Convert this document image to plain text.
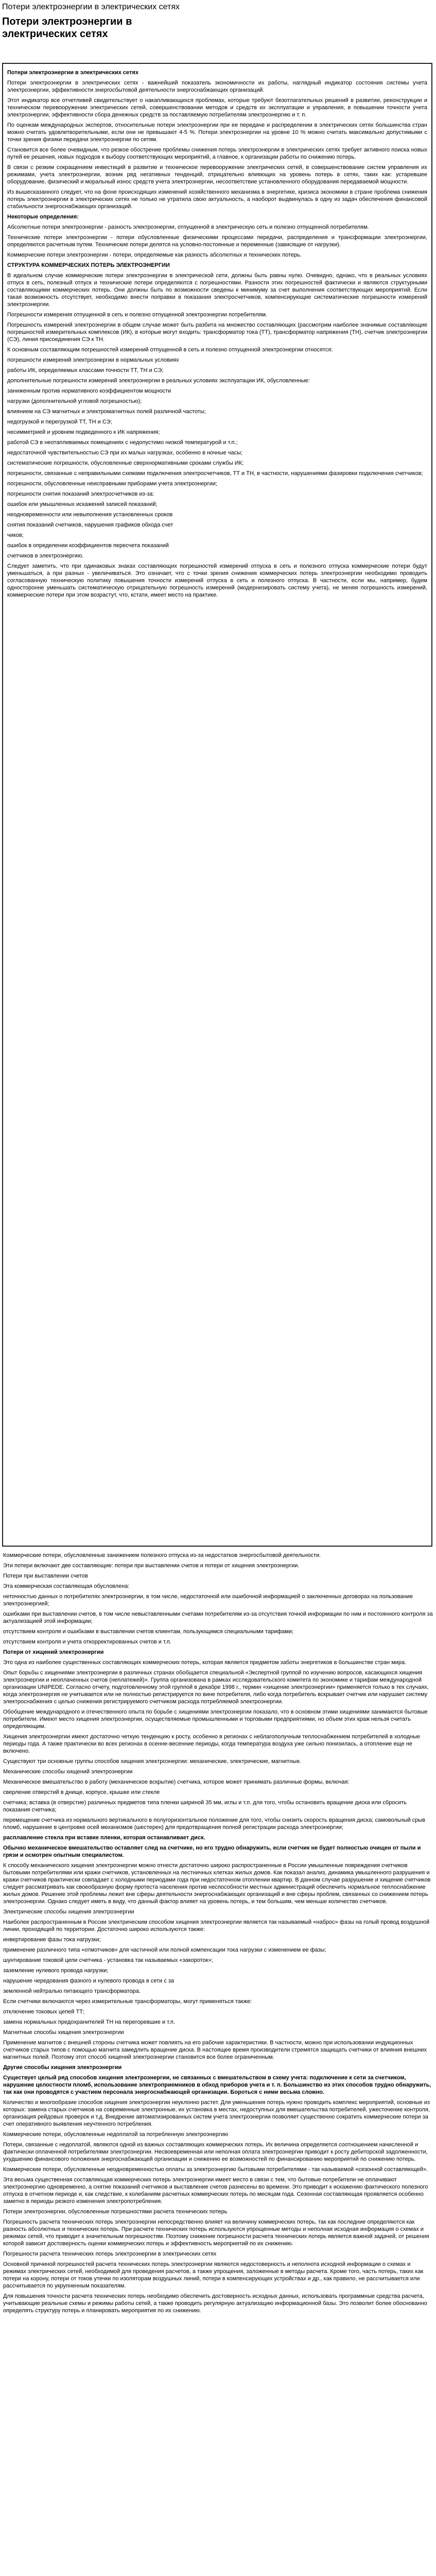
Потери электроэнергии в электрических сетях
Потери электроэнергии в электрических сетях

Потери электроэнергии в электрических сетях

Потери электроэнергии в электрических сетях - важнейший показатель экономичности их работы, наглядный индикатор состояния системы учета электроэнергии, эффективности энергосбытовой деятельности энергоснабжающих организаций.

Этот индикатор все отчетливей свидетельствует о накапливающихся проблемах, которые требуют безотлагательных решений в развитии, реконструкции и техническом перевооружении электрических сетей, совершенствовании методов и средств их эксплуатации и управления, в повышении точности учета электроэнергии, эффективности сбора денежных средств за поставляемую потребителям электроэнергию и т. п.

По оценкам международных экспертов, относительные потери электроэнергии при ее передаче и распределении в электрических сетях большинства стран можно считать удовлетворительными, если они не превышают 4-5 %. Потери электроэнергии на уровне 10 % можно считать максимально допустимыми с точки зрения физики передачи электроэнергии по сетям.

Становится все более очевидным, что резкое обострение проблемы снижения потерь электроэнергии в электрических сетях требует активного поиска новых путей ее решения, новых подходов к выбору соответствующих мероприятий, а главное, к организации работы по снижению потерь.

В связи с резким сокращением инвестиций в развитие и техническое перевооружение электрических сетей, в совершенствование систем управления их режимами, учета электроэнергии, возник ряд негативных тенденций, отрицательно влияющих на уровень потерь в сетях, таких как: устаревшее оборудование, физический и моральный износ средств учета электроэнергии, несоответствие установленного оборудования передаваемой мощности.

Из вышесказанного следует, что на фоне происходящих изменений хозяйственного механизма в энергетике, кризиса экономики в стране проблема снижения потерь электроэнергии в электрических сетях не только не утратила свою актуальность, а наоборот выдвинулась в одну из задач обеспечения финансовой стабильности энергоснабжающих организаций.

Некоторые определения:

Абсолютные потери электроэнергии - разность электроэнергии, отпущенной в электрическую сеть и полезно отпущенной потребителям.

Технические потери электроэнергии - потери обусловленные физическими процессами передачи, распределения и трансформации электроэнергии, определяются расчетным путем. Технические потери делятся на условно-постоянные и переменные (зависящие от нагрузки).

Коммерческие потери электроэнергии - потери, определяемые как разность абсолютных и технических потерь.

СТРУКТУРА КОММЕРЧЕСКИХ ПОТЕРЬ ЭЛЕКТРОЭНЕРГИИ

В идеальном случае коммерческие потери электроэнергии в электрической сети, должны быть равны нулю. Очевидно, однако, что в реальных условиях отпуск в сеть, полезный отпуск и технические потери определяются с погрешностями. Разности этих погрешностей фактически и являются структурными составляющими коммерческих потерь. Они должны быть по возможности сведены к минимуму за счет выполнения соответствующих мероприятий. Если такая возможность отсутствует, необходимо внести поправки в показания электросчетчиков, компенсирующие систематические погрешности измерений электроэнергии.

Погрешности измерения отпущенной в сеть и полезно отпущенной электроэнергии потребителям.

Погрешность измерений электроэнергии в общем случае может быть разбита на множество составляющих (рассмотрим наиболее значимые составляющие погрешностей измерительных комплексов (ИК), в которые могут входить: трансформатор тока (ТТ), трансформатор напряжения (ТН), счетчик электроэнергии (СЭ), линия присоединения СЭ к ТН.

К основным составляющим погрешностей измерений отпущенной в сеть и полезно отпущенной электроэнергии относятся:

погрешности измерений электроэнергии в нормальных условиях

работы ИК, определяемых классами точности ТТ, ТН и СЭ;

дополнительные погрешности измерений электроэнергии в реальных условиях эксплуатации ИК, обусловленные:

заниженным против нормативного коэффициентом мощности

нагрузки (дополнительной угловой погрешностью);

влиянием на СЭ магнитных и электромагнитных полей различной частоты;

недогрузкой и перегрузкой ТТ, ТН и СЭ;

несимметрией и уровнем подведенного к ИК напряжения;

работой СЭ в неотапливаемых помещениях с недопустимо низкой температурой и т.п.;

недостаточной чувствительностью СЭ при их малых нагрузках, особенно в ночные часы;

систематические погрешности, обусловленные сверхнормативными сроками службы ИК;

погрешности, связанные с неправильными схемами подключения электросчетчиков, ТТ и ТН, в частности, нарушениями фазировки подключения счетчиков;

погрешности, обусловленные неисправными приборами учета электроэнергии;

погрешности снятия показаний электросчетчиков из-за:

ошибок или умышленных искажений записей показаний;

неодновременности или невыполнения установленных сроков

снятия показаний счетчиков, нарушения графиков обхода счет

чиков;

ошибок в определении коэффициентов пересчета показаний

счетчиков в электроэнергию.

Следует заметить, что при одинаковых знаках составляющих погрешностей измерений отпуска в сеть и полезного отпуска коммерческие потери будут уменьшаться, а при разных - увеличиваться. Это означает, что с точки зрения снижения коммерческих потерь электроэнергии необходимо проводить согласованную техническую политику повышения точности измерений отпуска в сеть и полезного отпуска. В частности, если мы, например, будем односторонне уменьшать систематическую отрицательную погрешность измерений (модернизировать систему учета), не меняя погрешность измерений, коммерческие потери при этом возрастут, что, кстати, имеет место на практике.

Коммерческие потери, обусловленные занижением полезного отпуска из-за недостатков энергосбытовой деятельности.

Эти потери включают две составляющие: потери при выставлении счетов и потери от хищения электроэнергии.

Потери при выставлении счетов

Эта коммерческая составляющая обусловлена:

неточностью данных о потребителях электроэнергии, в том числе, недостаточной или ошибочной информацией о заключенных договорах на пользование электроэнергией;

ошибками при выставлении счетов, в том числе невыставленными счетами потребителям из-за отсутствия точной информации по ним и постоянного контроля за актуализацией этой информации;

отсутствием контроля и ошибками в выставлении счетов клиентам, пользующимся специальными тарифами;

отсутствием контроля и учета откорректированных счетов и т.п.

Потери от хищений электроэнергии

Это одна из наиболее существенных составляющих коммерческих потерь, которая является предметом заботы энергетиков в большинстве стран мира.

Опыт борьбы с хищениями электроэнергии в различных странах обобщается специальной «Экспертной группой по изучению вопросов, касающихся хищения электроэнергии и неоплаченных счетов (неплатежей)». Группа организована в рамках исследовательского комитета по экономике и тарифам международной организации UNIPEDE. Согласно отчету, подготовленному этой группой в декабре 1998 г., термин «хищение электроэнергии» применяется только в тех случаях, когда электроэнергия не учитывается или не полностью регистрируется по вине потребителя, либо когда потребитель вскрывает счетчик или нарушает систему электроснабжения с целью снижения регистрируемого счетчиком расхода потребляемой электроэнергии.

Обобщение международного и отечественного опыта по борьбе с хищениями электроэнергии показало, что в основном этими хищениями занимаются бытовые потребители. Имеют место хищения электроэнергии, осуществляемые промышленными и торговыми предприятиями, но объем этих краж нельзя считать определяющим.

Хищения электроэнергии имеют достаточно четкую тенденцию к росту, особенно в регионах с неблагополучным теплоснабжением потребителей в холодные периоды года. А также практически во всех регионах в осенне-весенние периоды, когда температура воздуха уже сильно понизилась, а отопление еще не включено.

Существуют три основные группы способов хищения электроэнергии: механические, электрические, магнитные.

Механические способы хищений электроэнергии

Механическое вмешательство в работу (механическое вскрытие) счетчика, которое может принимать различные формы, включая:

сверление отверстий в днище, корпусе, крышке или стекле

счетчика; вставка (в отверстие) различных предметов типа пленки шириной 35 мм, иглы и т.п. для того, чтобы остановить вращение диска или сбросить показания счетчика;

перемещение счетчика из нормального вертикального в полугоризонтальное положение для того, чтобы снизить скорость вращения диска; самовольный срыв пломб, нарушение в центровке осей механизмов (шестерен) для предотвращения полной регистрации расхода электроэнергии;

расплавление стекла при вставке пленки, которая останавливает диск.

Обычно механическое вмешательство оставляет след на счетчике, но его трудно обнаружить, если счетчик не будет полностью очищен от пыли и грязи и осмотрен опытным специалистом.

К способу механического хищения электроэнергии можно отнести достаточно широко распространенные в России умышленные повреждения счетчиков бытовыми потребителями или кражи счетчиков, установленных на лестничных клетках жилых домов. Как показал анализ, динамика умышленного разрушения и кражи счетчиков практически совпадает с холодными периодами года при недостаточном отоплении квартир. В данном случае разрушение и хищение счетчиков следует рассматривать как своеобразную форму протеста населения против неспособности местных администраций обеспечить нормальное теплоснабжение жилых домов. Решение этой проблемы лежит вне сферы деятельности энергоснабжающих организаций и вне сферы проблем, связанных со снижением потерь электроэнергии. Однако следует иметь в виду, что данный фактор влияет на уровень потерь, и тем большим, чем меньше количество счетчиков.

Электрические способы хищения электроэнергии

Наиболее распространенным в России электрическим способом хищения электроэнергии является так называемый «наброс» фазы на голый провод воздушной линии, проходящей по территории. Достаточно широко используются также:

инвертирование фазы тока нагрузки;

применение различного типа «отмотчиков» для частичной или полной компенсации тока нагрузки с изменением ее фазы;

шунтирование токовой цепи счетчика - установка так называемых «закороток»;

заземление нулевого провода нагрузки;

нарушение чередования фазного и нулевого провода в сети с за

земленной нейтралью питающего трансформатора.

Если счетчики включаются через измерительные трансформаторы, могут применяться также:

отключение токовых цепей ТТ;

замена нормальных предохранителей ТН на перегоревшие и т.п.

Магнитные способы хищения электроэнергии

Применение магнитов с внешней стороны счетчика может повлиять на его рабочие характеристики. В частности, можно при использовании индукционных счетчиков старых типов с помощью магнита замедлить вращение диска. В настоящее время производители стремятся защищать счетчики от влияния внешних магнитных полей. Поэтому этот способ хищений электроэнергии становится все более ограниченным.

Другие способы хищения электроэнергии

Существует целый ряд способов хищения электроэнергии, не связанных с вмешательством в схему учета: подключение к сети за счетчиком, нарушение целостности пломб, использование электроприемников в обход приборов учета и т. п. Большинство из этих способов трудно обнаружить, так как они проводятся с участием персонала энергоснабжающей организации. Бороться с ними весьма сложно.

Количество и многообразие способов хищения электроэнергии неуклонно растет. Для уменьшения потерь нужно проводить комплекс мероприятий, основные из которых: замена старых счетчиков на современные электронные, их установка в местах, недоступных для вмешательства потребителей, ужесточение контроля, организация рейдовых проверок и т.д. Внедрение автоматизированных систем учета электроэнергии позволяет существенно сократить коммерческие потери за счет оперативного выявления неучтенного потребления.

Коммерческие потери, обусловленные недоплатой за потребленную электроэнергию

Потери, связанные с недоплатой, являются одной из важных составляющих коммерческих потерь. Их величина определяется соотношением начисленной и фактически оплаченной потребителями электроэнергии. Несвоевременная или неполная оплата электроэнергии приводит к росту дебиторской задолженности, ухудшению финансового положения энергоснабжающей организации и снижению ее возможностей по финансированию мероприятий по снижению потерь.

Коммерческие потери, обусловленные неодновременностью оплаты за электроэнергию бытовыми потребителями - так называемой «сезонной составляющей».

Эта весьма существенная составляющая коммерческих потерь электроэнергии имеет место в связи с тем, что бытовые потребители не оплачивают электроэнергию одновременно, а снятие показаний счетчиков и выставление счетов разнесены во времени. Это приводит к искажению фактического полезного отпуска в отчетном периоде и, как следствие, к колебаниям расчетных коммерческих потерь по месяцам года. Сезонная составляющая проявляется особенно заметно в периоды резкого изменения электропотребления.

Потери электроэнергии, обусловленные погрешностями расчета технических потерь

Погрешность расчета технических потерь электроэнергии непосредственно влияет на величину коммерческих потерь, так как последние определяются как разность абсолютных и технических потерь. При расчете технических потерь используются упрощенные методы и неполная исходная информация о схемах и режимах сетей, что приводит к значительным погрешностям. Поэтому снижение погрешности расчета технических потерь является важной задачей, от решения которой зависит достоверность оценки коммерческих потерь и эффективность мероприятий по их снижению.

Погрешности расчета технических потерь электроэнергии в электрических сетях

Основной причиной погрешностей расчета технических потерь электроэнергии являются недостоверность и неполнота исходной информации о схемах и режимах электрических сетей, необходимой для проведения расчетов, а также упрощения, заложенные в методы расчета. Кроме того, часть потерь, таких как потери на корону, потери от токов утечки по изоляторам воздушных линий, потери в компенсирующих устройствах и др., как правило, не рассчитывается или рассчитывается по укрупненным показателям.

Для повышения точности расчета технических потерь необходимо обеспечить достоверность исходных данных, использовать программные средства расчета, учитывающие реальные схемы и режимы работы сетей, а также проводить регулярную актуализацию информационной базы. Это позволит более обоснованно определять структуру потерь и планировать мероприятия по их снижению.
